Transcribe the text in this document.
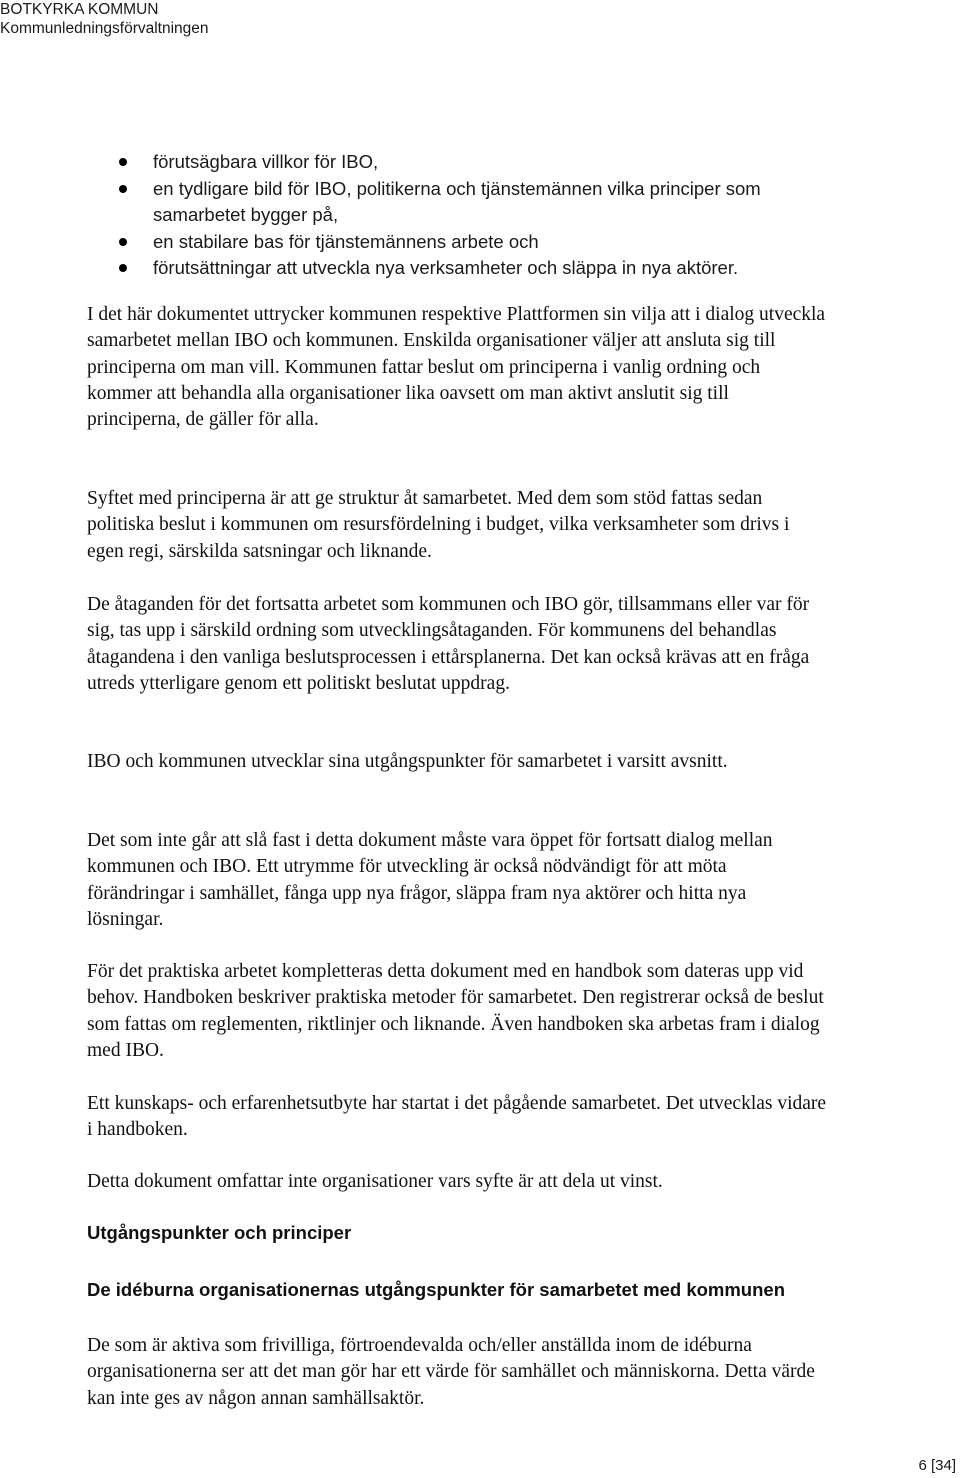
BOTKYRKA KOMMUN
Kommunledningsförvaltningen
förutsägbara villkor för IBO,
en tydligare bild för IBO, politikerna och tjänstemännen vilka principer som samarbetet bygger på,
en stabilare bas för tjänstemännens arbete och
förutsättningar att utveckla nya verksamheter och släppa in nya aktörer.

I det här dokumentet uttrycker kommunen respektive Plattformen sin vilja att i dialog utveckla samarbetet mellan IBO och kommunen. Enskilda organisationer väljer att ansluta sig till principerna om man vill. Kommunen fattar beslut om principerna i vanlig ordning och kommer att behandla alla organisationer lika oavsett om man aktivt anslutit sig till principerna, de gäller för alla.

Syftet med principerna är att ge struktur åt samarbetet. Med dem som stöd fattas sedan politiska beslut i kommunen om resursfördelning i budget, vilka verksamheter som drivs i egen regi, särskilda satsningar och liknande.

De åtaganden för det fortsatta arbetet som kommunen och IBO gör, tillsammans eller var för sig, tas upp i särskild ordning som utvecklingsåtaganden. För kommunens del behandlas åtagandena i den vanliga beslutsprocessen i ettårsplanerna. Det kan också krävas att en fråga utreds ytterligare genom ett politiskt beslutat uppdrag.

IBO och kommunen utvecklar sina utgångspunkter för samarbetet i varsitt avsnitt.

Det som inte går att slå fast i detta dokument måste vara öppet för fortsatt dialog mellan kommunen och IBO. Ett utrymme för utveckling är också nödvändigt för att möta förändringar i samhället, fånga upp nya frågor, släppa fram nya aktörer och hitta nya lösningar.

För det praktiska arbetet kompletteras detta dokument med en handbok som dateras upp vid behov. Handboken beskriver praktiska metoder för samarbetet. Den registrerar också de beslut som fattas om reglementen, riktlinjer och liknande. Även handboken ska arbetas fram i dialog med IBO.

Ett kunskaps- och erfarenhetsutbyte har startat i det pågående samarbetet. Det utvecklas vidare i handboken.

Detta dokument omfattar inte organisationer vars syfte är att dela ut vinst.

Utgångspunkter och principer
De idéburna organisationernas utgångspunkter för samarbetet med kommunen

De som är aktiva som frivilliga, förtroendevalda och/eller anställda inom de idéburna organisationerna ser att det man gör har ett värde för samhället och människorna. Detta värde kan inte ges av någon annan samhällsaktör.

6 [34]
